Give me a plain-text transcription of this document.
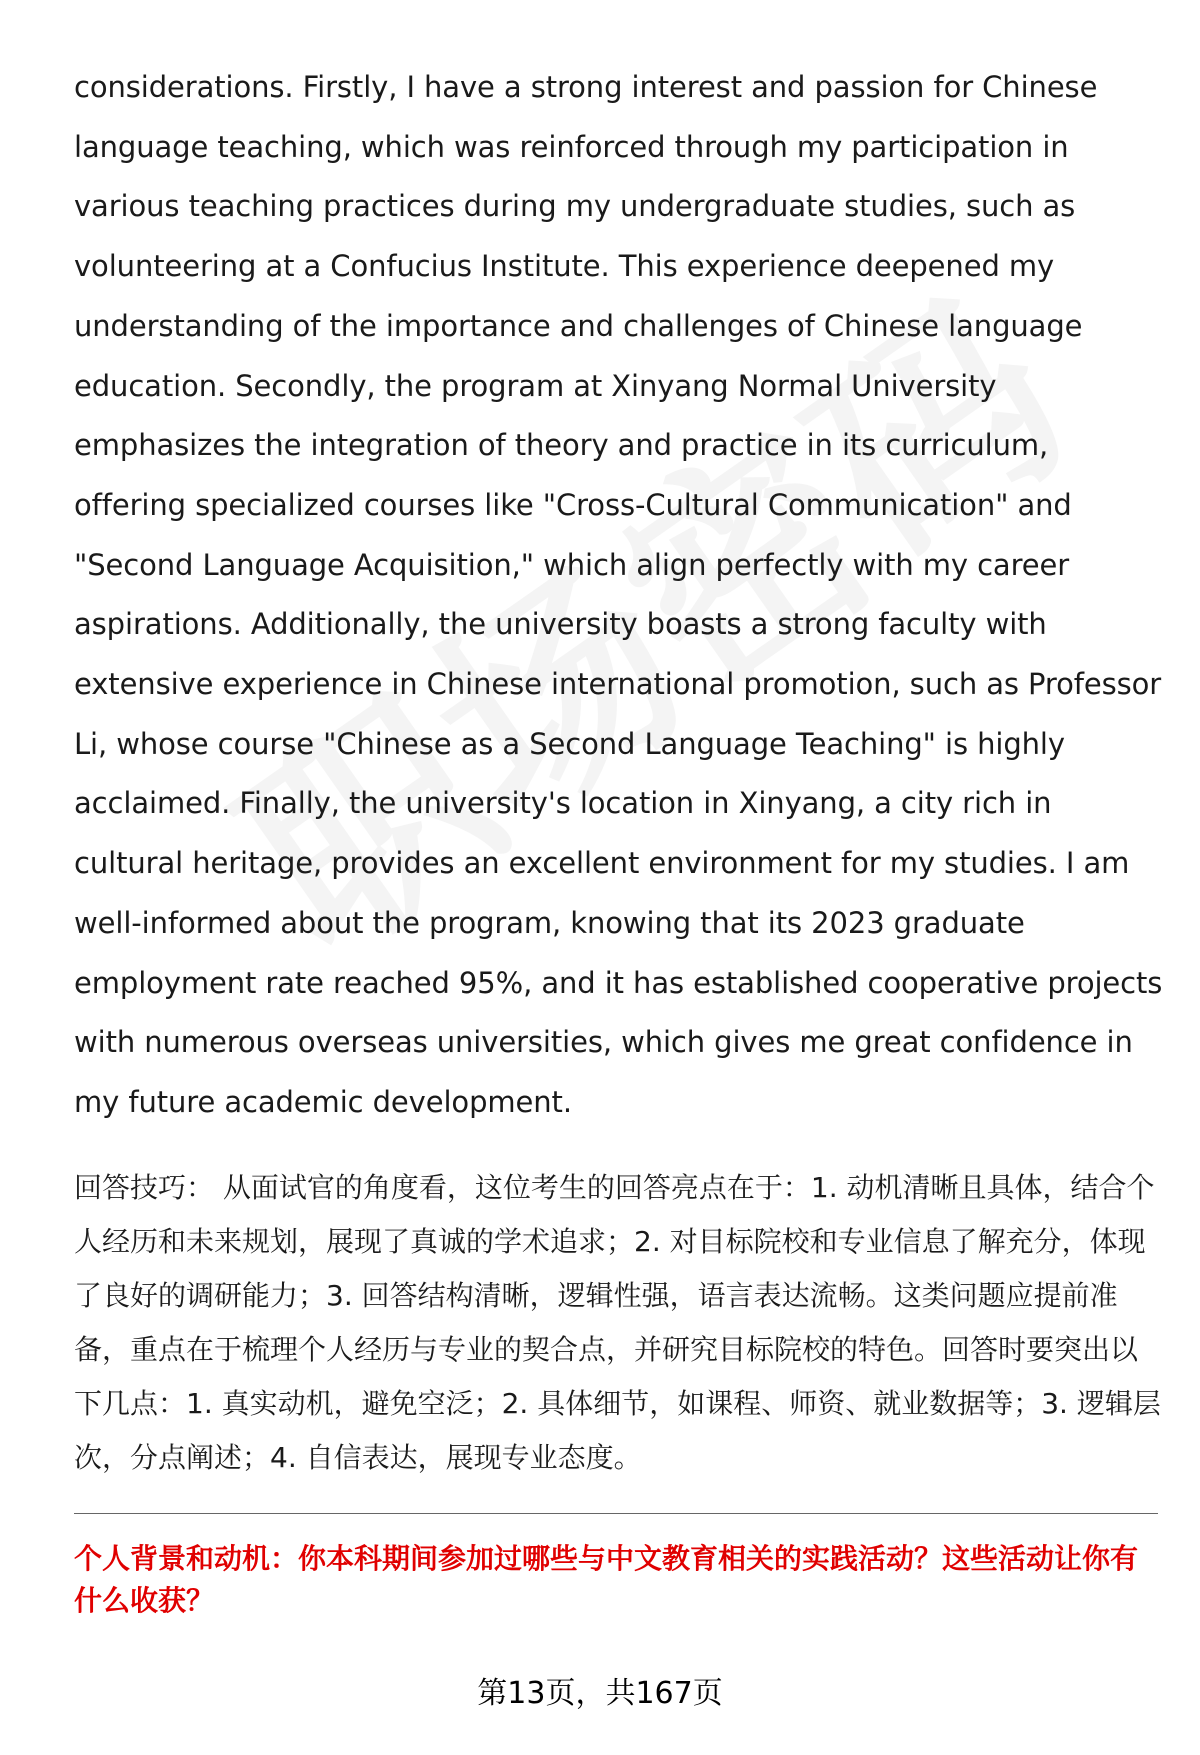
considerations. Firstly, I have a strong interest and passion for Chinese language teaching, which was reinforced through my participation in various teaching practices during my undergraduate studies, such as volunteering at a Confucius Institute. This experience deepened my understanding of the importance and challenges of Chinese language education. Secondly, the program at Xinyang Normal University emphasizes the integration of theory and practice in its curriculum, offering specialized courses like "Cross-Cultural Communication" and "Second Language Acquisition," which align perfectly with my career aspirations. Additionally, the university boasts a strong faculty with extensive experience in Chinese international promotion, such as Professor Li, whose course "Chinese as a Second Language Teaching" is highly acclaimed. Finally, the university's location in Xinyang, a city rich in cultural heritage, provides an excellent environment for my studies. I am well-informed about the program, knowing that its 2023 graduate employment rate reached 95%, and it has established cooperative projects with numerous overseas universities, which gives me great confidence in my future academic development.

回答技巧： 从面试官的角度看，这位考生的回答亮点在于：1. 动机清晰且具体，结合个人经历和未来规划，展现了真诚的学术追求；2. 对目标院校和专业信息了解充分，体现了良好的调研能力；3. 回答结构清晰，逻辑性强，语言表达流畅。这类问题应提前准备，重点在于梳理个人经历与专业的契合点，并研究目标院校的特色。回答时要突出以下几点：1. 真实动机，避免空泛；2. 具体细节，如课程、师资、就业数据等；3. 逻辑层次，分点阐述；4. 自信表达，展现专业态度。

个人背景和动机：你本科期间参加过哪些与中文教育相关的实践活动？这些活动让你有什么收获？

第13页，共167页
